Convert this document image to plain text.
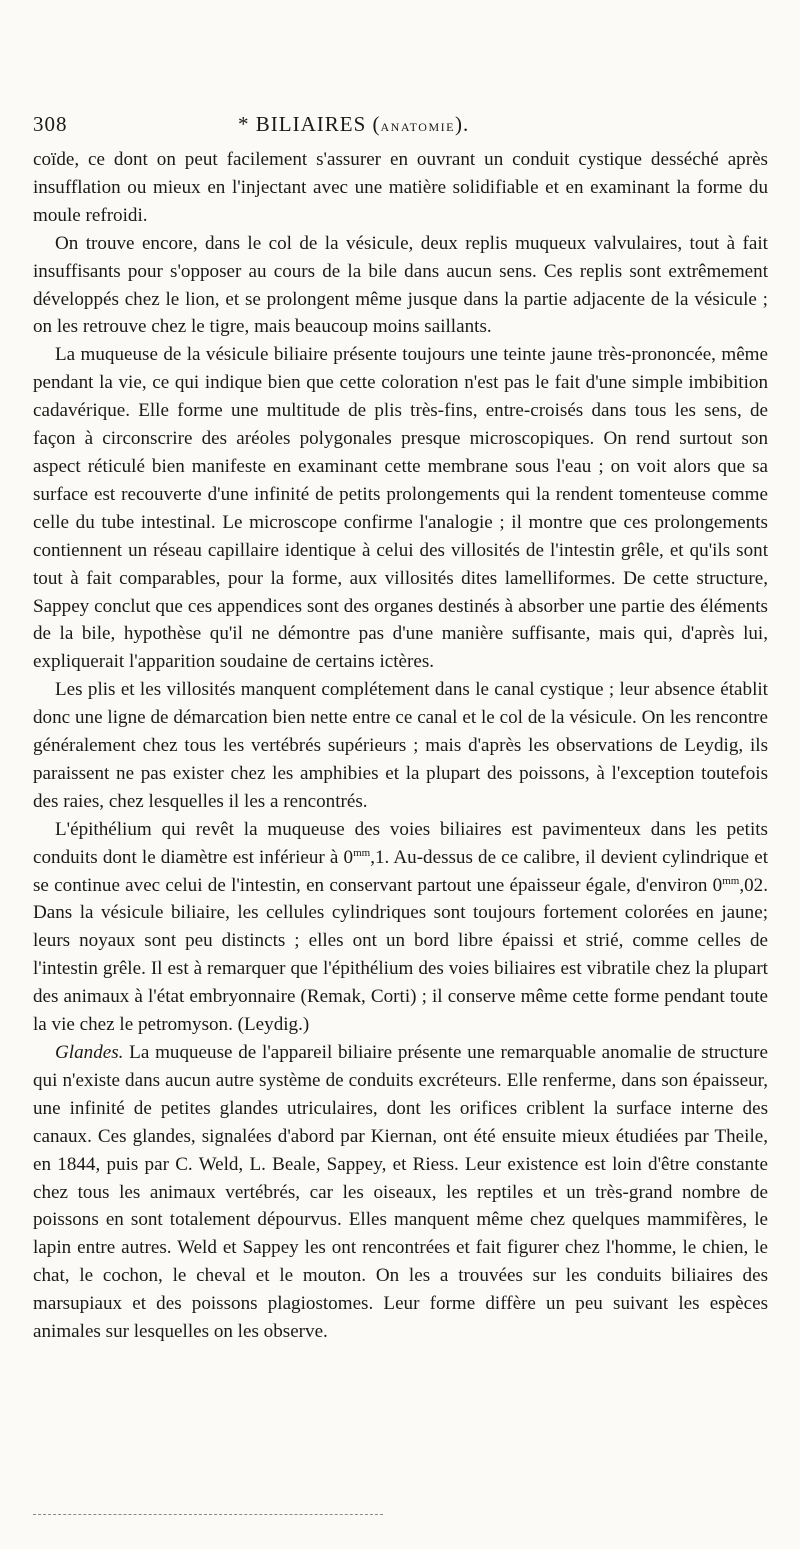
308	* BILIAIRES (ANATOMIE).

coïde, ce dont on peut facilement s'assurer en ouvrant un conduit cystique desséché après insufflation ou mieux en l'injectant avec une matière solidifiable et en examinant la forme du moule refroidi.

On trouve encore, dans le col de la vésicule, deux replis muqueux valvulaires, tout à fait insuffisants pour s'opposer au cours de la bile dans aucun sens. Ces replis sont extrêmement développés chez le lion, et se prolongent même jusque dans la partie adjacente de la vésicule ; on les retrouve chez le tigre, mais beaucoup moins saillants.

La muqueuse de la vésicule biliaire présente toujours une teinte jaune très-prononcée, même pendant la vie, ce qui indique bien que cette coloration n'est pas le fait d'une simple imbibition cadavérique. Elle forme une multitude de plis très-fins, entre-croisés dans tous les sens, de façon à circonscrire des aréoles polygonales presque microscopiques. On rend surtout son aspect réticulé bien manifeste en examinant cette membrane sous l'eau ; on voit alors que sa surface est recouverte d'une infinité de petits prolongements qui la rendent tomenteuse comme celle du tube intestinal. Le microscope confirme l'analogie ; il montre que ces prolongements contiennent un réseau capillaire identique à celui des villosités de l'intestin grêle, et qu'ils sont tout à fait comparables, pour la forme, aux villosités dites lamelliformes. De cette structure, Sappey conclut que ces appendices sont des organes destinés à absorber une partie des éléments de la bile, hypothèse qu'il ne démontre pas d'une manière suffisante, mais qui, d'après lui, expliquerait l'apparition soudaine de certains ictères.

Les plis et les villosités manquent complétement dans le canal cystique ; leur absence établit donc une ligne de démarcation bien nette entre ce canal et le col de la vésicule. On les rencontre généralement chez tous les vertébrés supérieurs ; mais d'après les observations de Leydig, ils paraissent ne pas exister chez les amphibies et la plupart des poissons, à l'exception toutefois des raies, chez lesquelles il les a rencontrés.

L'épithélium qui revêt la muqueuse des voies biliaires est pavimenteux dans les petits conduits dont le diamètre est inférieur à $0^{mm},1$. Au-dessus de ce calibre, il devient cylindrique et se continue avec celui de l'intestin, en conservant partout une épaisseur égale, d'environ $0^{mm},02$. Dans la vésicule biliaire, les cellules cylindriques sont toujours fortement colorées en jaune; leurs noyaux sont peu distincts ; elles ont un bord libre épaissi et strié, comme celles de l'intestin grêle. Il est à remarquer que l'épithélium des voies biliaires est vibratile chez la plupart des animaux à l'état embryonnaire (Remak, Corti) ; il conserve même cette forme pendant toute la vie chez le petromyson. (Leydig.)

Glandes. La muqueuse de l'appareil biliaire présente une remarquable anomalie de structure qui n'existe dans aucun autre système de conduits excréteurs. Elle renferme, dans son épaisseur, une infinité de petites glandes utriculaires, dont les orifices criblent la surface interne des canaux. Ces glandes, signalées d'abord par Kiernan, ont été ensuite mieux étudiées par Theile, en 1844, puis par C. Weld, L. Beale, Sappey, et Riess. Leur existence est loin d'être constante chez tous les animaux vertébrés, car les oiseaux, les reptiles et un très-grand nombre de poissons en sont totalement dépourvus. Elles manquent même chez quelques mammifères, le lapin entre autres. Weld et Sappey les ont rencontrées et fait figurer chez l'homme, le chien, le chat, le cochon, le cheval et le mouton. On les a trouvées sur les conduits biliaires des marsupiaux et des poissons plagiostomes. Leur forme diffère un peu suivant les espèces animales sur lesquelles on les observe.
